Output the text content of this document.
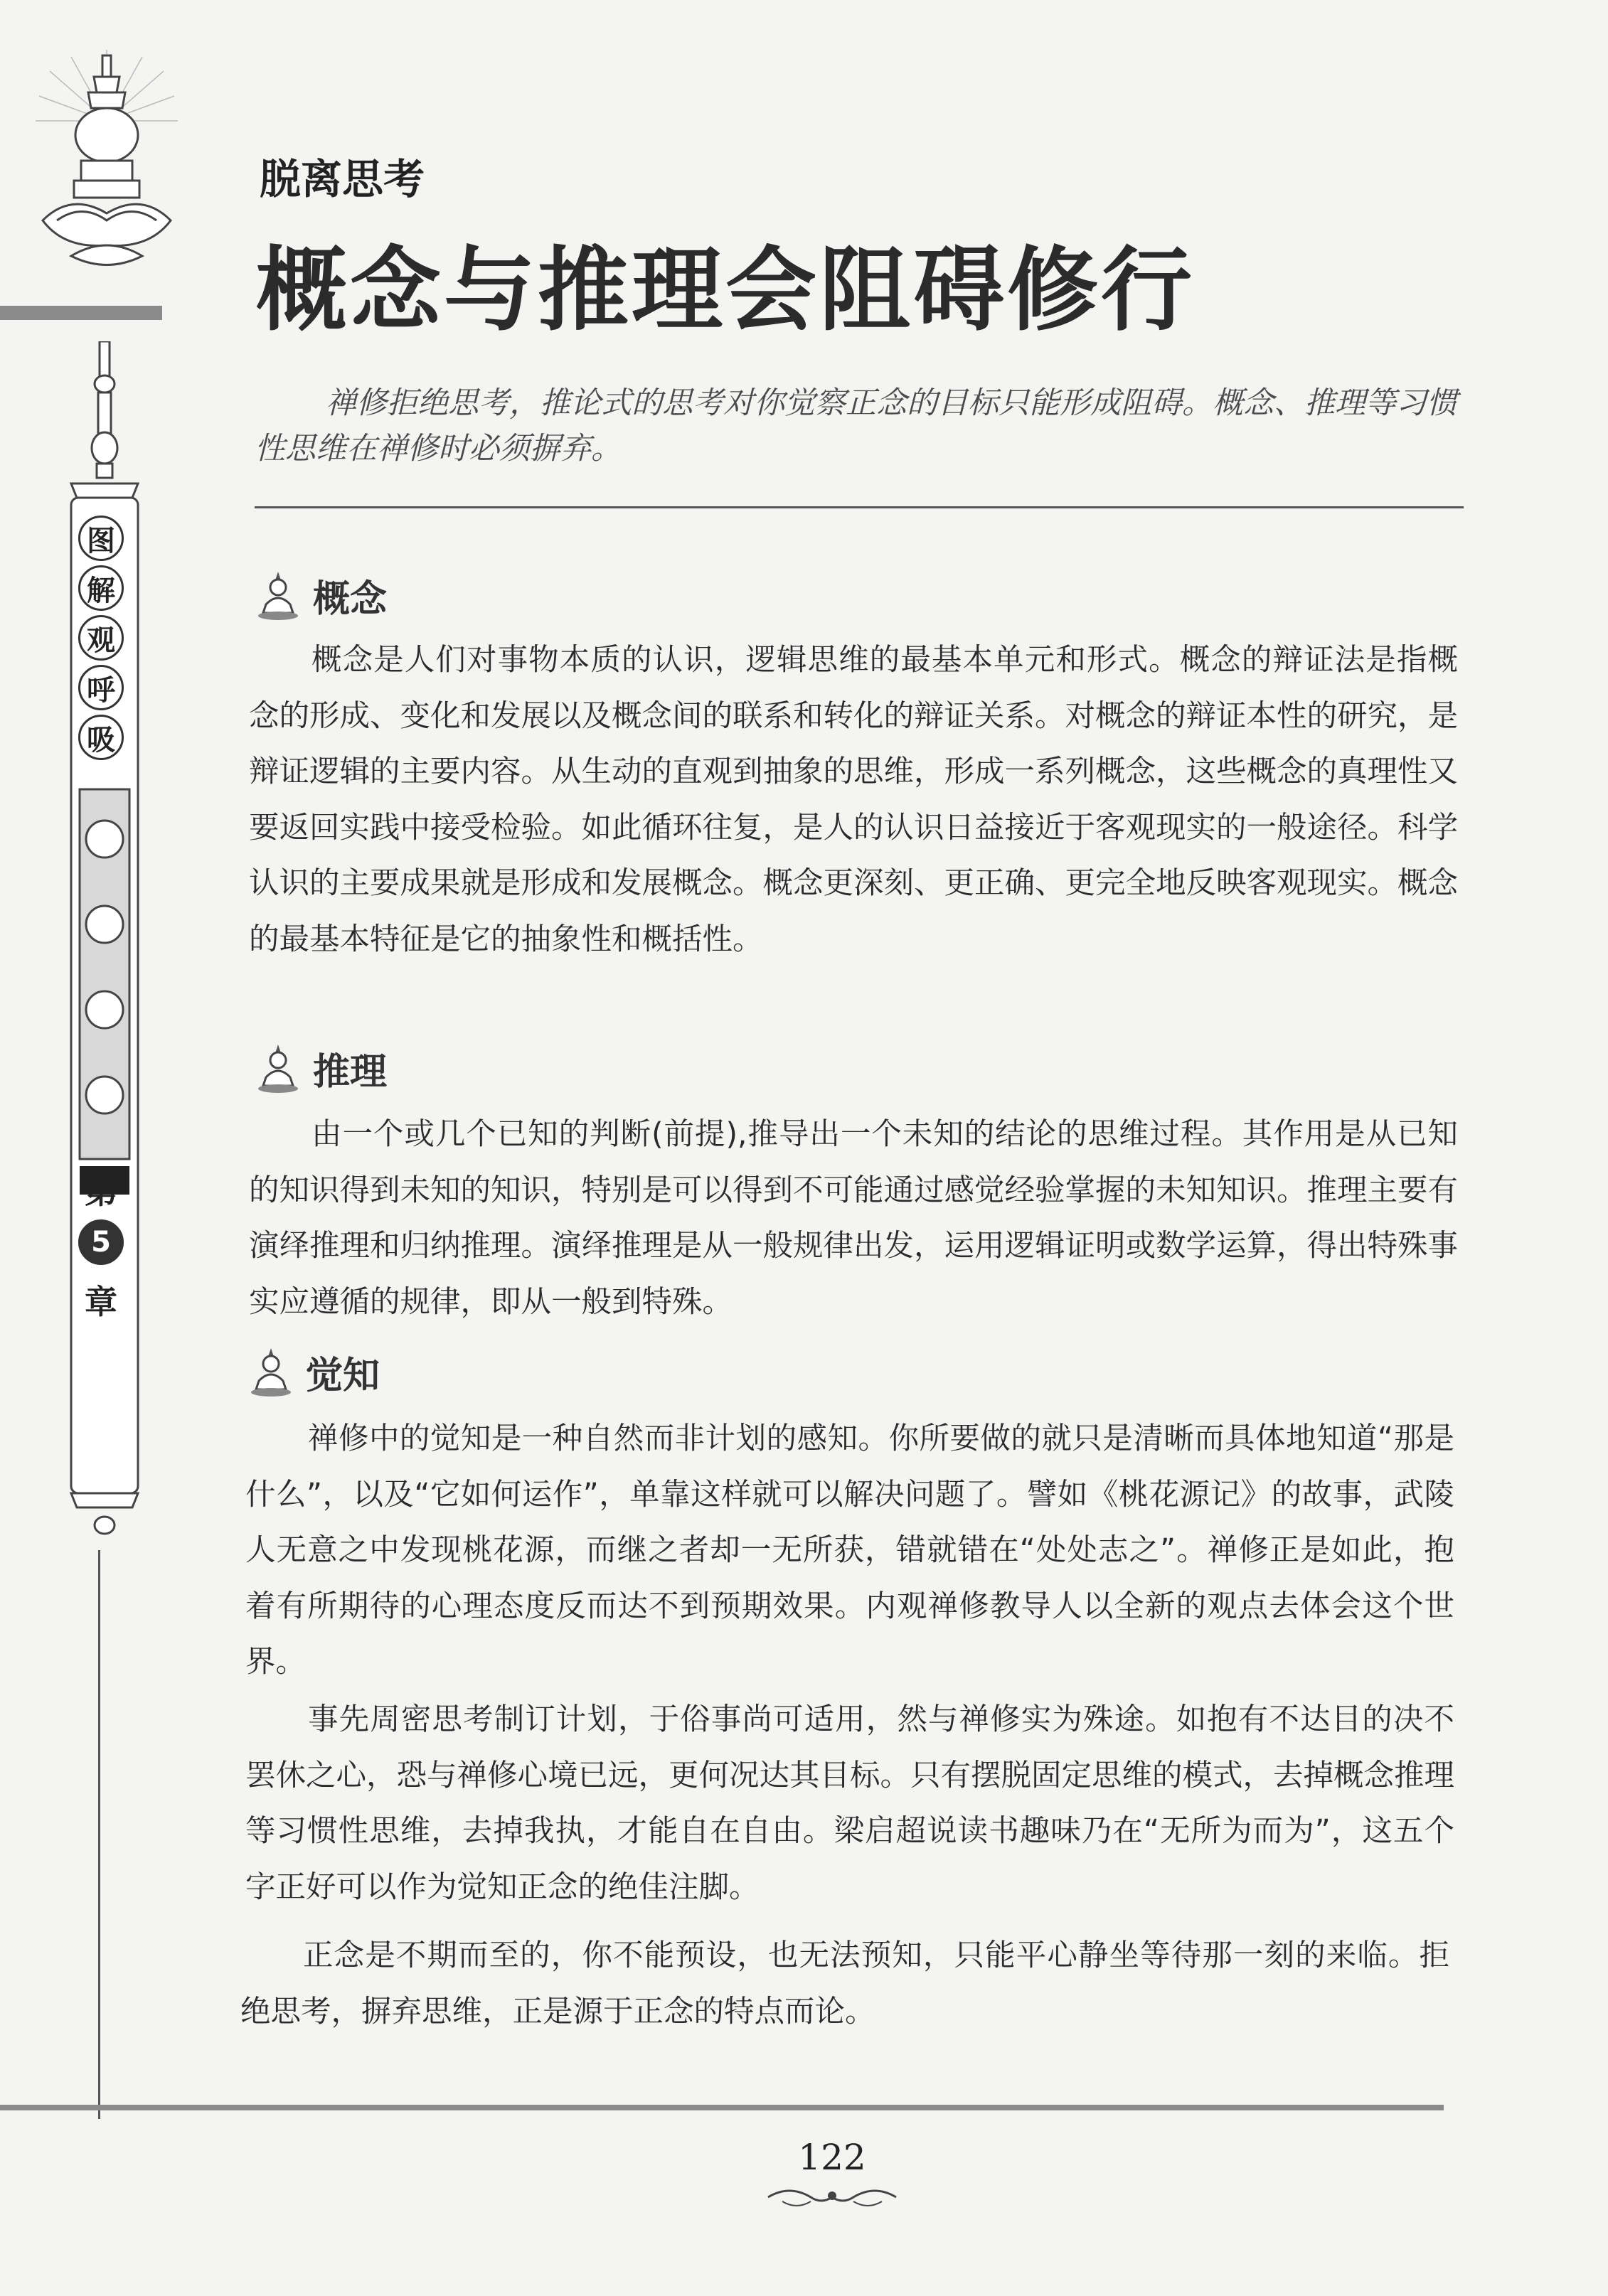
图
解
观
呼
吸
第
5
章
脱离思考
概念与推理会阻碍修行

禅修拒绝思考，推论式的思考对你觉察正念的目标只能形成阻碍。概念、推理等习惯性思维在禅修时必须摒弃。

概念

概念是人们对事物本质的认识，逻辑思维的最基本单元和形式。概念的辩证法是指概念的形成、变化和发展以及概念间的联系和转化的辩证关系。对概念的辩证本性的研究，是辩证逻辑的主要内容。从生动的直观到抽象的思维，形成一系列概念，这些概念的真理性又要返回实践中接受检验。如此循环往复，是人的认识日益接近于客观现实的一般途径。科学认识的主要成果就是形成和发展概念。概念更深刻、更正确、更完全地反映客观现实。概念的最基本特征是它的抽象性和概括性。

推理

由一个或几个已知的判断(前提),推导出一个未知的结论的思维过程。其作用是从已知的知识得到未知的知识，特别是可以得到不可能通过感觉经验掌握的未知知识。推理主要有演绎推理和归纳推理。演绎推理是从一般规律出发，运用逻辑证明或数学运算，得出特殊事实应遵循的规律，即从一般到特殊。

觉知

禅修中的觉知是一种自然而非计划的感知。你所要做的就只是清晰而具体地知道“那是什么”，以及“它如何运作”，单靠这样就可以解决问题了。譬如《桃花源记》的故事，武陵人无意之中发现桃花源，而继之者却一无所获，错就错在“处处志之”。禅修正是如此，抱着有所期待的心理态度反而达不到预期效果。内观禅修教导人以全新的观点去体会这个世界。

事先周密思考制订计划，于俗事尚可适用，然与禅修实为殊途。如抱有不达目的决不罢休之心，恐与禅修心境已远，更何况达其目标。只有摆脱固定思维的模式，去掉概念推理等习惯性思维，去掉我执，才能自在自由。梁启超说读书趣味乃在“无所为而为”，这五个字正好可以作为觉知正念的绝佳注脚。

正念是不期而至的，你不能预设，也无法预知，只能平心静坐等待那一刻的来临。拒绝思考，摒弃思维，正是源于正念的特点而论。

122
